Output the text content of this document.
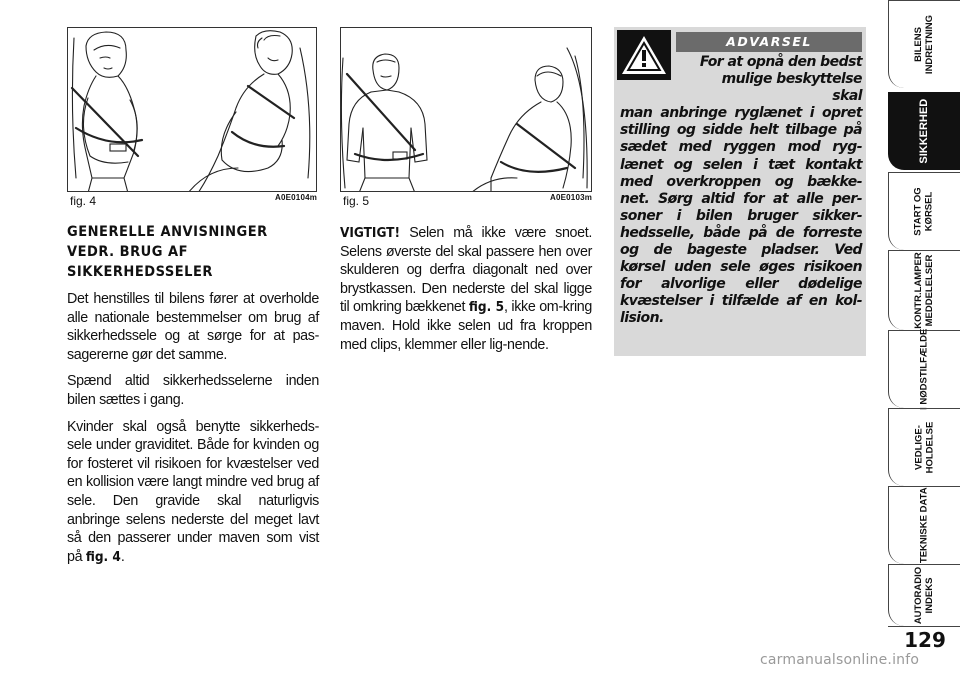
fig. 4	A0E0104m fig. 5	A0E0103m
GENERELLE ANVISNINGER
VEDR. BRUG AF
SIKKERHEDSSELER

Det henstilles til bilens fører at overholde alle nationale bestemmelser om brug af sikkerhedssele og at sørge for at pas-sagererne gør det samme.

Spænd altid sikkerhedsselerne inden bilen sættes i gang.

Kvinder skal også benytte sikkerheds-sele under graviditet. Både for kvinden og for fosteret vil risikoen for kvæstelser ved en kollision være langt mindre ved brug af sele. Den gravide skal naturligvis anbringe selens nederste del meget lavt så den passerer under maven som vist på fig. 4.

VIGTIGT! Selen må ikke være snoet. Selens øverste del skal passere hen over skulderen og derfra diagonalt ned over brystkassen. Den nederste del skal ligge til omkring bækkenet fig. 5, ikke om-kring maven. Hold ikke selen ud fra kroppen med clips, klemmer eller lig-nende.

ADVARSEL
For at opnå den bedst mulige beskyttelse skal
man anbringe ryglænet i opret stilling og sidde helt tilbage på sædet med ryggen mod ryg-lænet og selen i tæt kontakt med overkroppen og bække-net. Sørg altid for at alle per-soner i bilen bruger sikker-hedsselle, både på de forreste og de bageste pladser. Ved kørsel uden sele øges risikoen for alvorlige eller dødelige kvæstelser i tilfælde af en kol-lision.
BILENS INDRETNING
SIKKERHED
START OG KØRSEL
KONTR.LAMPER MEDDELELSER
I NØDSTILFÆLDE
VEDLIGE- HOLDELSE
TEKNISKE DATA
AUTORADIO INDEKS
129
carmanualsonline.info
